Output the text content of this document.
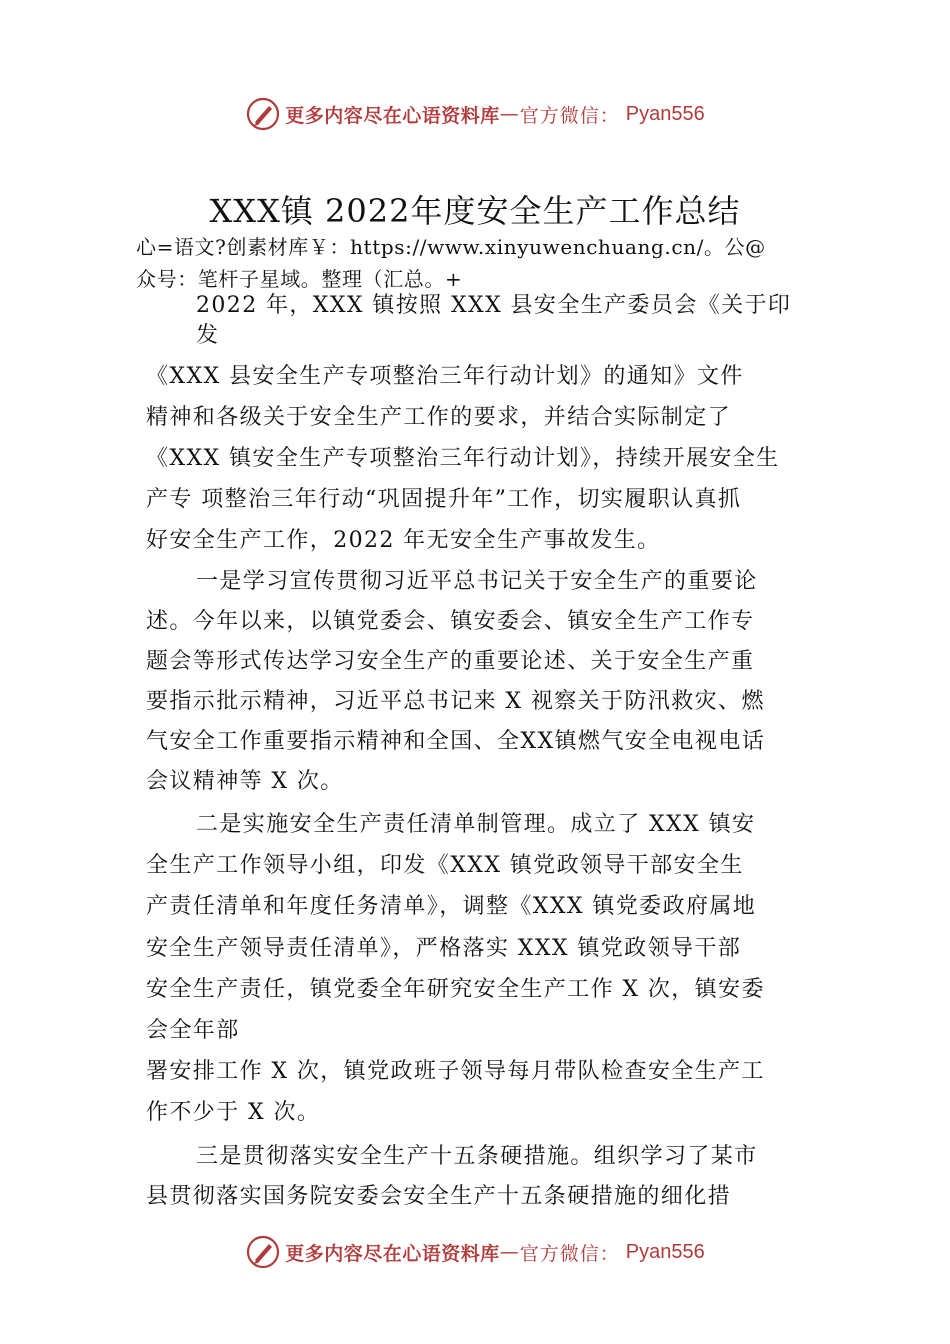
更多内容尽在心语资料库 — 官方微信： Pyan556
XXX镇 2022年度安全生产工作总结
心=语文?创素材库￥：https://www.xinyuwenchuang.cn/。公@
众号：笔杆子星域。整理（汇总。+
2022 年，XXX 镇按照 XXX 县安全生产委员会《关于印
发
《XXX 县安全生产专项整治三年行动计划》的通知》文件
精神和各级关于安全生产工作的要求，并结合实际制定了
《XXX 镇安全生产专项整治三年行动计划》，持续开展安全生
产专 项整治三年行动“巩固提升年”工作，切实履职认真抓
好安全生产工作，2022 年无安全生产事故发生。
一是学习宣传贯彻习近平总书记关于安全生产的重要论
述。今年以来，以镇党委会、镇安委会、镇安全生产工作专
题会等形式传达学习安全生产的重要论述、关于安全生产重
要指示批示精神，习近平总书记来 X 视察关于防汛救灾、燃
气安全工作重要指示精神和全国、全XX镇燃气安全电视电话
会议精神等 X 次。
二是实施安全生产责任清单制管理。成立了 XXX 镇安
全生产工作领导小组，印发《XXX 镇党政领导干部安全生
产责任清单和年度任务清单》，调整《XXX 镇党委政府属地
安全生产领导责任清单》，严格落实 XXX 镇党政领导干部
安全生产责任，镇党委全年研究安全生产工作 X 次，镇安委
会全年部
署安排工作 X 次，镇党政班子领导每月带队检查安全生产工
作不少于 X 次。
三是贯彻落实安全生产十五条硬措施。组织学习了某市
县贯彻落实国务院安委会安全生产十五条硬措施的细化措
更多内容尽在心语资料库 — 官方微信： Pyan556
